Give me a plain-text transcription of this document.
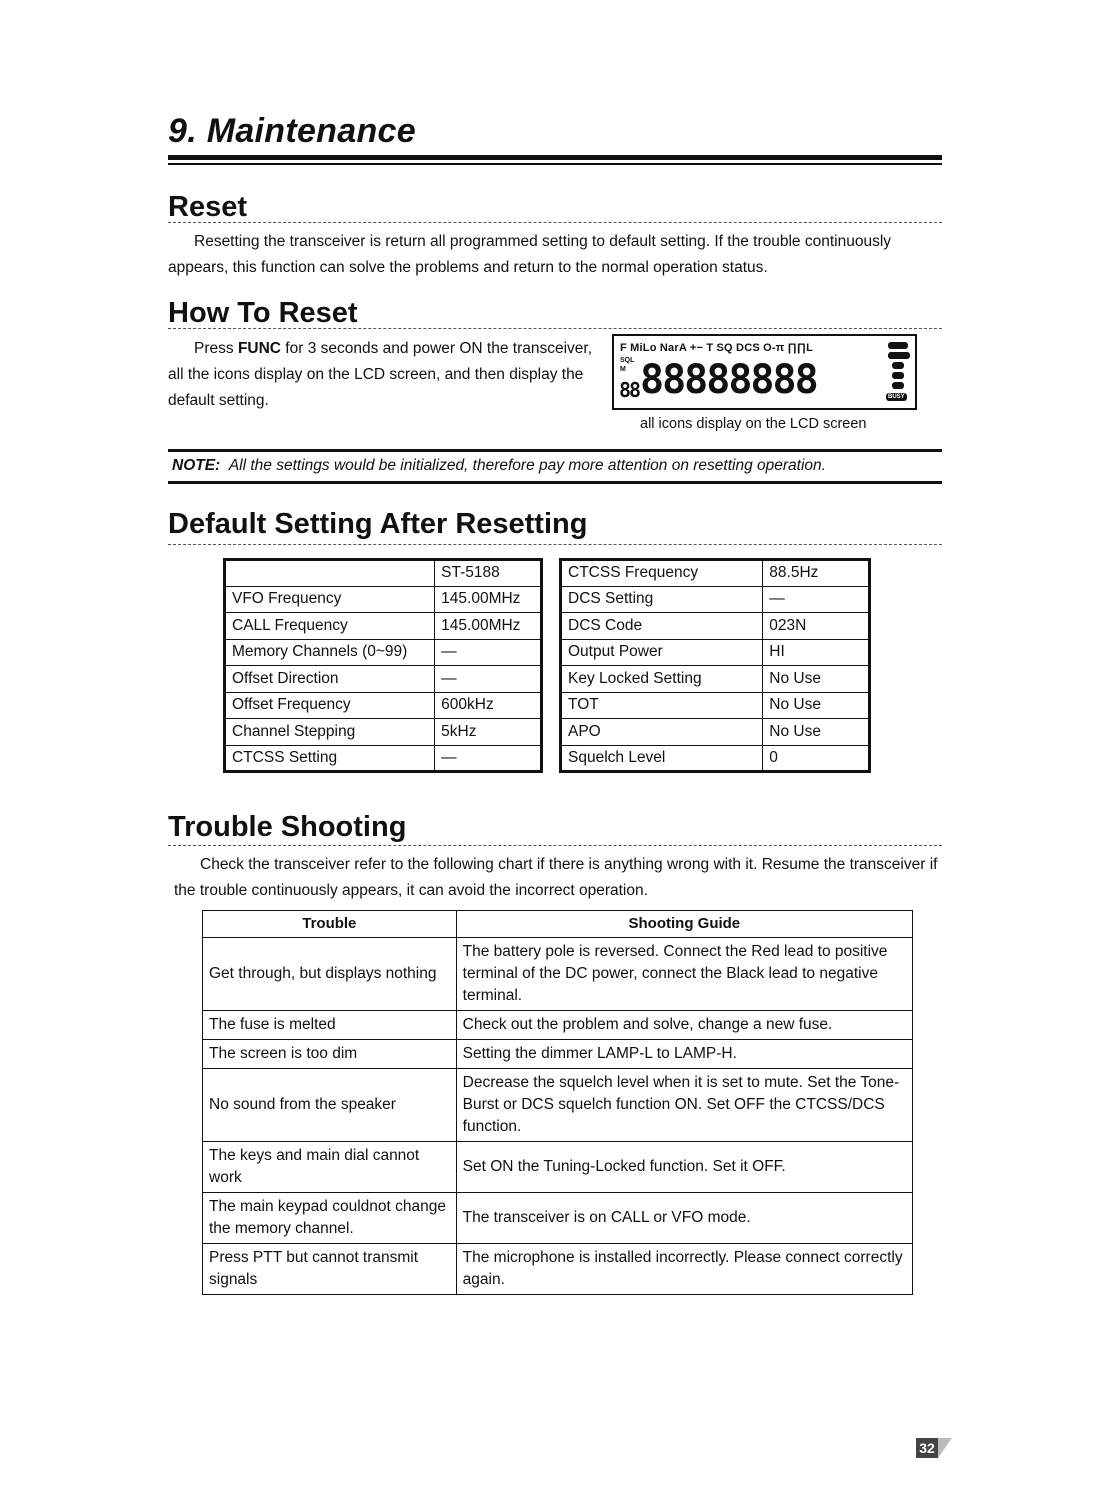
9. Maintenance
Reset

Resetting the transceiver is return all programmed setting to default setting. If the trouble continuously appears, this function can solve the problems and return to the normal operation status.

How To Reset

Press FUNC for 3 seconds and power ON the transceiver, all the icons display on the LCD screen, and then display the default setting.

F MiLo NarA +− T SQ DCS O-π ∏∏L
SQL
M
88 88888888	BUSY
all icons display on the LCD screen
NOTE: All the settings would be initialized, therefore pay more attention on resetting operation.
Default Setting After Resetting
	ST-5188
VFO Frequency	145.00MHz
CALL Frequency	145.00MHz
Memory Channels (0~99)	—
Offset Direction	—
Offset Frequency	600kHz
Channel Stepping	5kHz
CTCSS Setting	—
CTCSS Frequency	88.5Hz
DCS Setting	—
DCS Code	023N
Output Power	HI
Key Locked Setting	No Use
TOT	No Use
APO	No Use
Squelch Level	0
Trouble Shooting

Check the transceiver refer to the following chart if there is anything wrong with it. Resume the transceiver if the trouble continuously appears, it can avoid the incorrect operation.

Trouble	Shooting Guide
Get through, but displays nothing	The battery pole is reversed. Connect the Red lead to positive terminal of the DC power, connect the Black lead to negative terminal.
The fuse is melted	Check out the problem and solve, change a new fuse.
The screen is too dim	Setting the dimmer LAMP-L to LAMP-H.
No sound from the speaker	Decrease the squelch level when it is set to mute. Set the Tone-Burst or DCS squelch function ON. Set OFF the CTCSS/DCS function.
The keys and main dial cannot work	Set ON the Tuning-Locked function. Set it OFF.
The main keypad couldnot change the memory channel.	The transceiver is on CALL or VFO mode.
Press PTT but cannot transmit signals	The microphone is installed incorrectly. Please connect correctly again.
32
